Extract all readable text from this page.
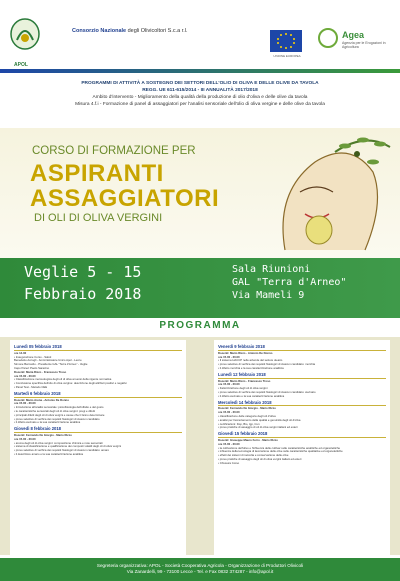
APOL
Consorzio Nazionale degli Olivicoltori S.c.a r.l.
UNIONE EUROPEA
Agea
Agenzia per le Erogazioni in Agricoltura
PROGRAMMI DI ATTIVITÀ A SOSTEGNO DEI SETTORI DELL'OLIO DI OLIVA E DELLE OLIVE DA TAVOLA
REGG. UE 611-615/2014 - III ANNUALITÀ 2017/2018
Ambito d'intervento - Miglioramento della qualità della produzione di olio d'oliva e delle olive da tavola
Misura 4.f.i - Formazione di panel di assaggiatori per l'analisi sensoriale dell'olio di oliva vergine e delle olive da tavola
CORSO DI FORMAZIONE PER
ASPIRANTI
ASSAGGIATORI
DI OLI DI OLIVA VERGINI
Veglie 5 - 15
Febbraio 2018
Sala Riunioni
GAL "Terra d'Arneo"
Via Mameli 9
PROGRAMMA
Lunedì 05 febbraio 2018
ore 14.30
• Inaugurazione Corso - Saluti
Benedetto Accogli - Amministratore Unico Apol - Lecce
Simone Bernardo - Presidente GAL "Terra d'Arneo" - Veglie
Capo Panel: Paolo Saracino
Docenti: Maria Rizzo - Francesco Troso
ore 15.00 - 20.00
• Classificazione merceologica degli oli di oliva ai sensi della vigente normativa
• Conclusione specifica dell'olio di oliva vergine: descrizione degli attributi positivi e negativi
• Panel Test - Metodo CEE
Martedì 6 febbraio 2018
Docenti: Mario Arena - Antonio De Donno
ore 15.00 - 20.00
• Introduzione all'analisi sensoriale: psicofisiologia dell'olfatto e del gusto
• le caratteristiche sensoriali degli oli di oliva vergini: pregi e difetti
• principali difetti degli oli di oliva vergini e cause che li fanno determinare
• prove selettive di verifica dei requisiti fisiologici di ciascun candidato
• il difetto avvinato e la sua caratterizzazione analitica
Giovedì 8 febbraio 2018
Docenti: Fernando De Giorgio - Mario Rizzo
ore 15.00 - 20.00
• aroma degli oli di oliva vergini: composizione chimica e note sensoriali
• sistema di classificazione e qualificazione dei composti volatili degli oli di oliva vergini
• prove selettive di verifica dei requisiti fisiologici di ciascun candidato: amaro
• il descrittore amaro e la sua caratterizzazione analitica
Venerdì 9 febbraio 2018
Docenti: Mario Rizzo - Antonio De Donno
ore 15.00 - 20.00
• Il sistema HACCP nelle aziende del settore oleario
• prove selettive di verifica dei requisiti fisiologici di ciascun candidato: morchia
• il difetto morchia e la sua caratterizzazione analitica
Lunedì 12 febbraio 2018
Docenti: Mario Rizzo - Francesco Troso
ore 15.00 - 20.00
• Fattorizzazione degli oli di oliva vergini
• prove selettive di verifica dei requisiti fisiologici di ciascun candidato: avvinato
• il difetto avvinato e la sua caratterizzazione analitica
Mercoledì 14 febbraio 2018
Docenti: Fernando De Giorgio - Mario Rizzo
ore 15.00 - 20.00
• classificazione delle categorie degli oli d'oliva
• analisi per l'accertamento della qualità e genuinità degli oli d'oliva
• certificazioni: Dop, Bio, Igp, Cun
• prove pratiche di assaggio di oli di oliva vergini italiani ed esteri
Giovedì 15 febbraio 2018
Docenti: Giuseppe Mauro Ferro - Mario Rizzo
ore 15.00 - 20.00
• la coltivazione dell'olivo e l'influenza delle cultivar sulle caratteristiche analitiche ed organolettiche
• influenza della tecnologia di lavorazione delle olive sulle caratteristiche qualitative ed organolettiche
• effetti dei sistemi di raccolta e conservazione delle olive
• prove pratiche di assaggio degli oli di oliva vergini italiani ed esteri
• Chiusura Corso
Segreteria organizzativa: APOL - Società Cooperativa Agricola - Organizzazione di Produttori Olivicoli
Via Zanardelli, 99 - 73100 Lecce - Tel. e Fax 0832 374287 - info@apol.it
